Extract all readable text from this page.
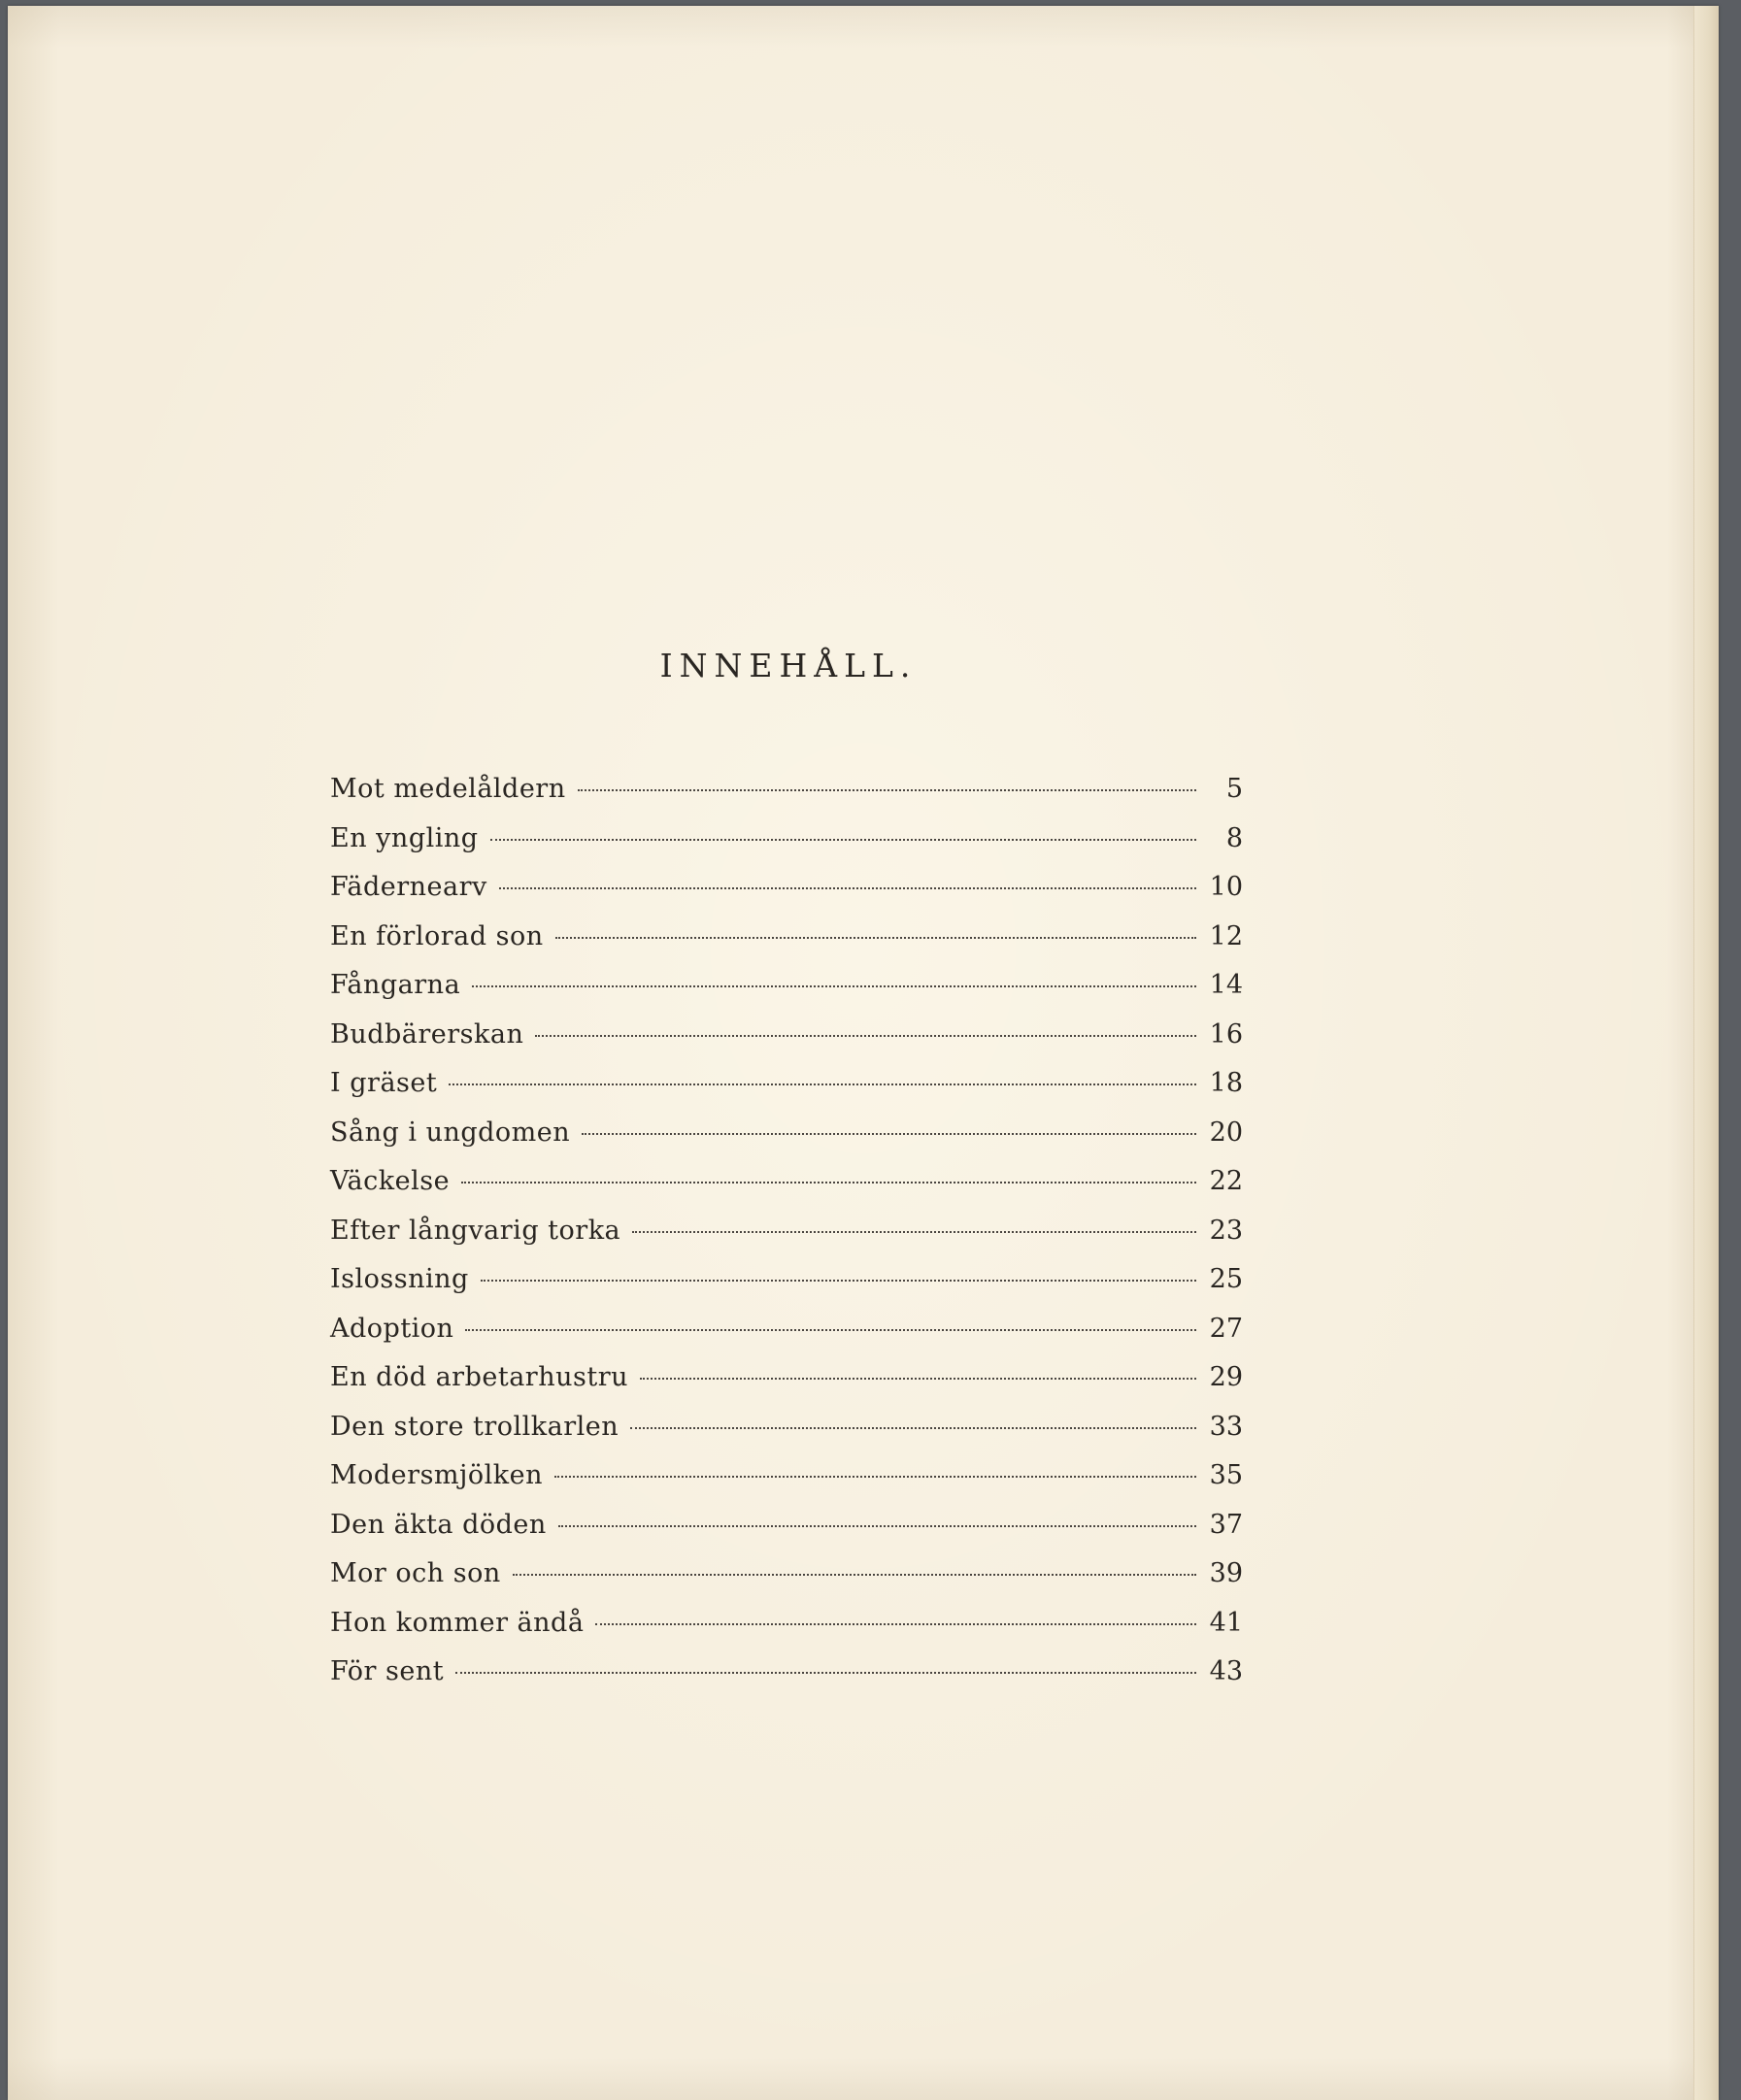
INNEHÅLL.
Mot medelåldern	5
En yngling	8
Fädernearv	10
En förlorad son	12
Fångarna	14
Budbärerskan	16
I gräset	18
Sång i ungdomen	20
Väckelse	22
Efter långvarig torka	23
Islossning	25
Adoption	27
En död arbetarhustru	29
Den store trollkarlen	33
Modersmjölken	35
Den äkta döden	37
Mor och son	39
Hon kommer ändå	41
För sent	43
